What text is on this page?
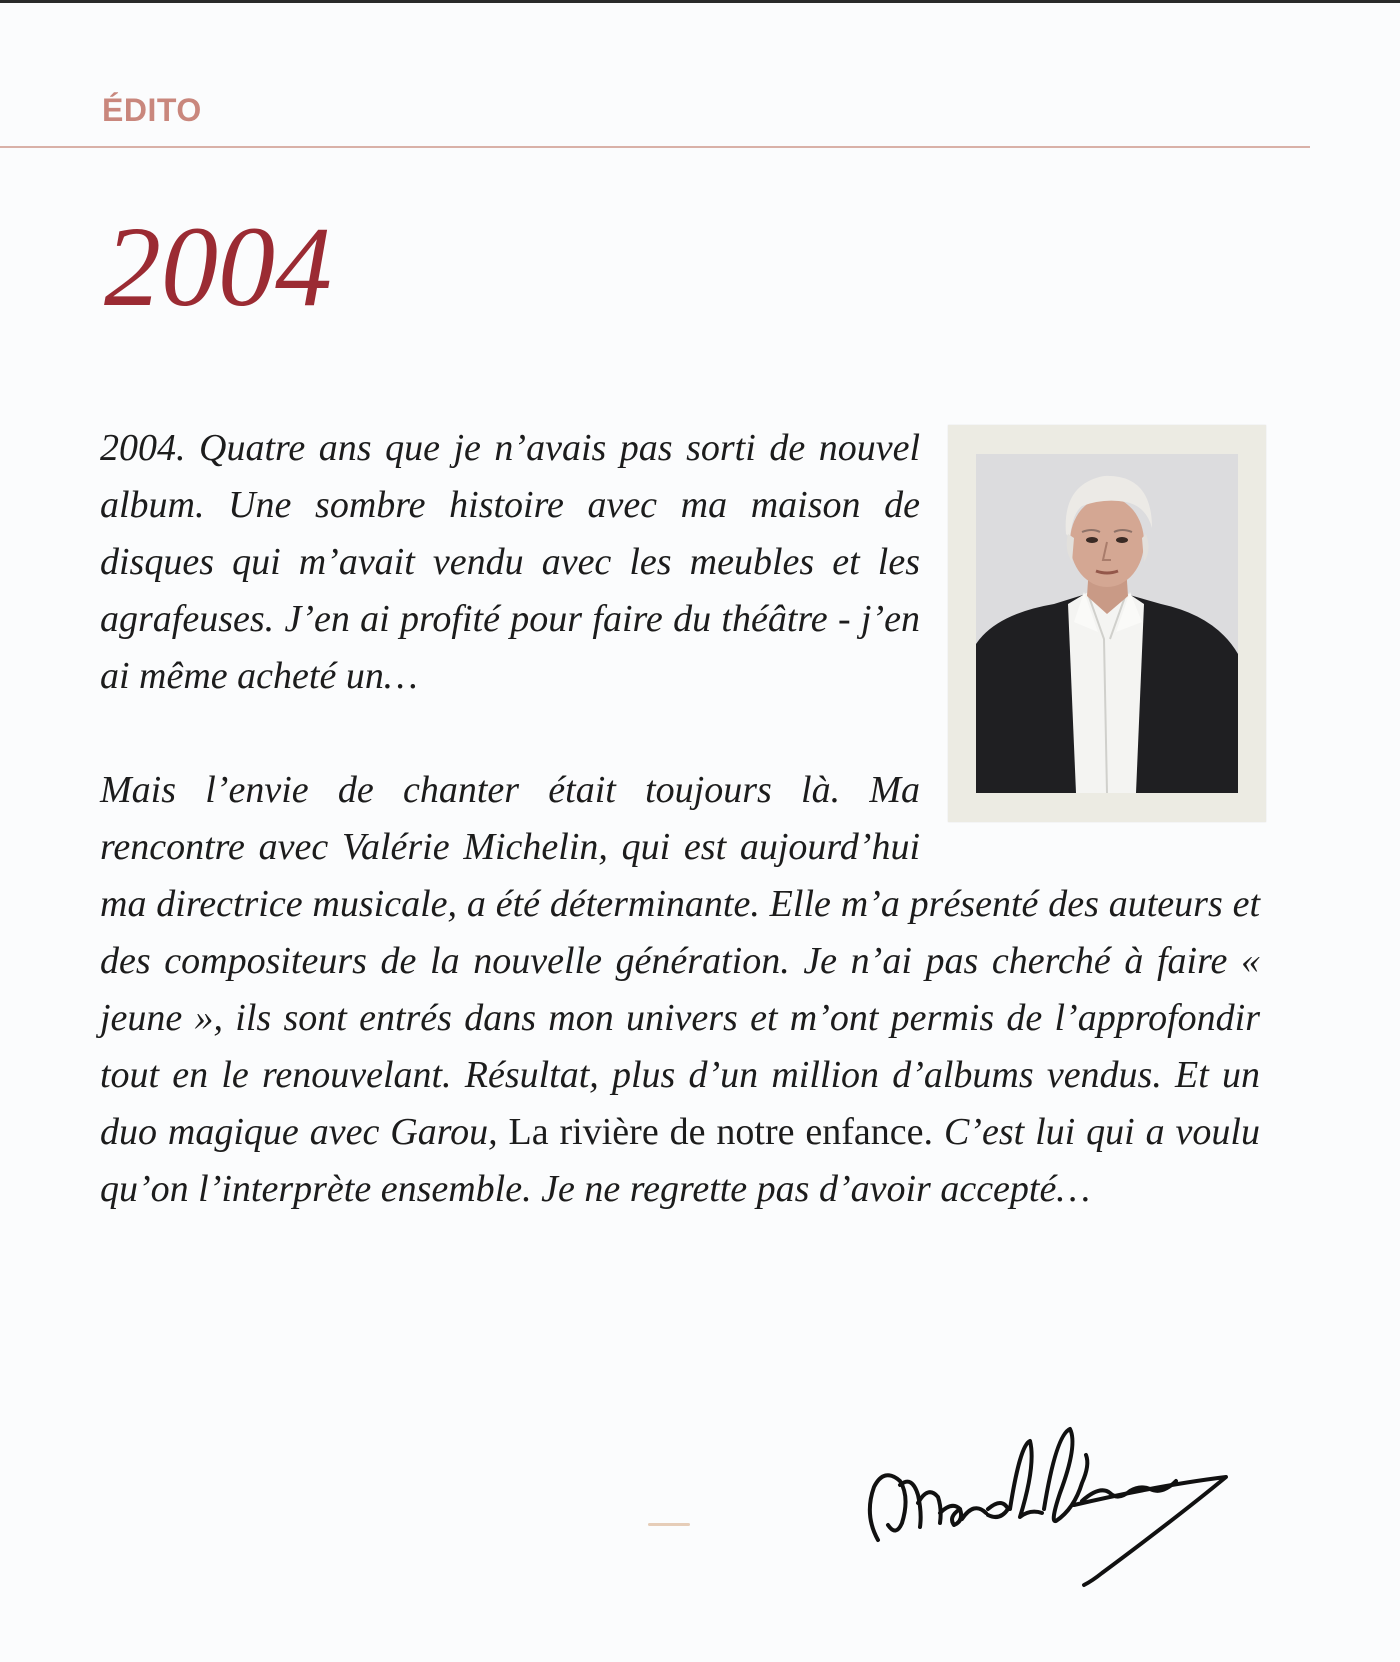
ÉDITO
2004

2004. Quatre ans que je n’avais pas sorti de nouvel album. Une sombre histoire avec ma maison de disques qui m’avait vendu avec les meubles et les agrafeuses. J’en ai profité pour faire du théâtre - j’en ai même acheté un…

Mais l’envie de chanter était toujours là. Ma rencontre avec Valérie Michelin, qui est aujourd’hui ma directrice musicale, a été déterminante. Elle m’a présenté des auteurs et des compositeurs de la nouvelle génération. Je n’ai pas cherché à faire « jeune », ils sont entrés dans mon univers et m’ont permis de l’approfondir tout en le renouvelant. Résultat, plus d’un million d’albums vendus. Et un duo magique avec Garou, La rivière de notre enfance. C’est lui qui a voulu qu’on l’interprète ensemble. Je ne regrette pas d’avoir accepté…
